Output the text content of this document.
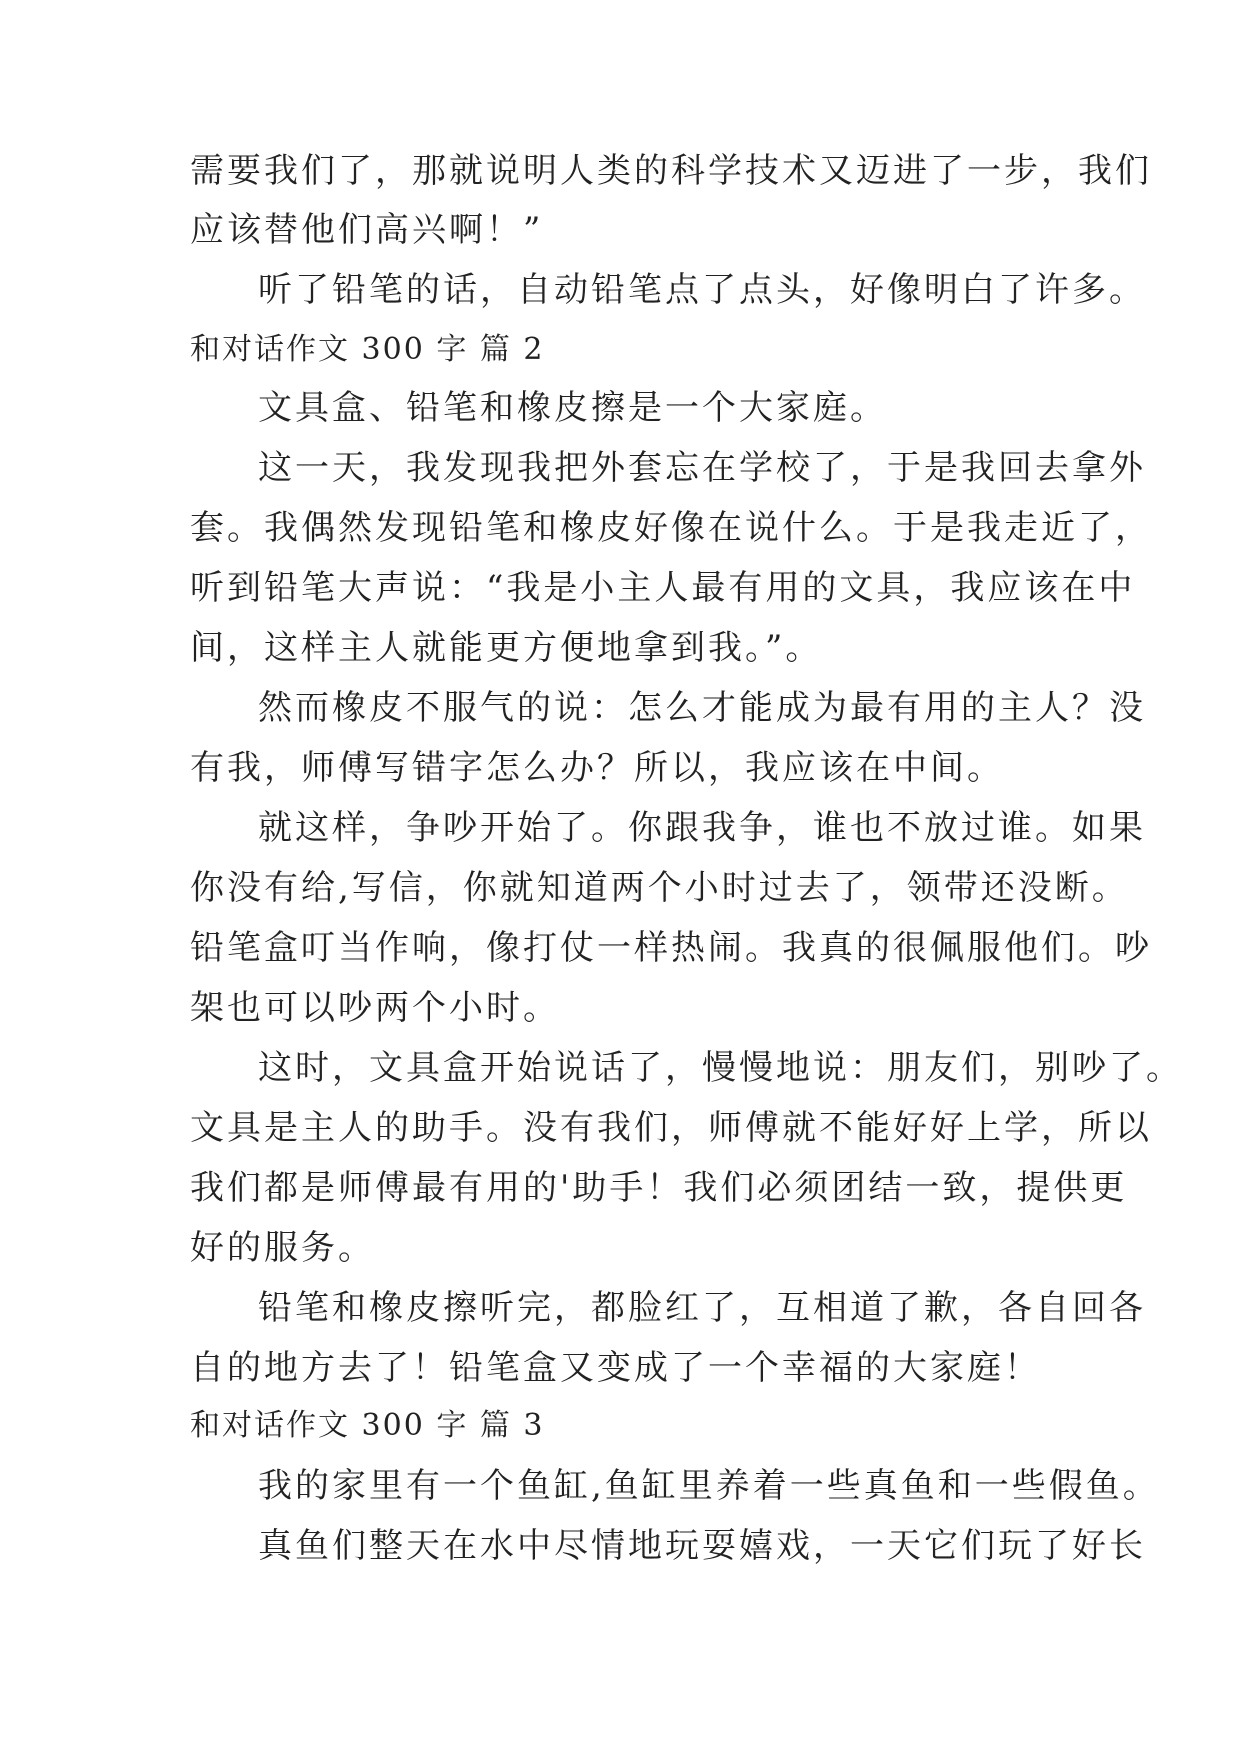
需要我们了，那就说明人类的科学技术又迈进了一步，我们
应该替他们高兴啊！”
听了铅笔的话，自动铅笔点了点头，好像明白了许多。
和对话作文 300 字 篇 2
文具盒、铅笔和橡皮擦是一个大家庭。
这一天，我发现我把外套忘在学校了，于是我回去拿外
套。我偶然发现铅笔和橡皮好像在说什么。于是我走近了，
听到铅笔大声说：“我是小主人最有用的文具，我应该在中
间，这样主人就能更方便地拿到我。”。
然而橡皮不服气的说：怎么才能成为最有用的主人？没
有我，师傅写错字怎么办？所以，我应该在中间。
就这样，争吵开始了。你跟我争，谁也不放过谁。如果
你没有给,写信，你就知道两个小时过去了，领带还没断。
铅笔盒叮当作响，像打仗一样热闹。我真的很佩服他们。吵
架也可以吵两个小时。
这时，文具盒开始说话了，慢慢地说：朋友们，别吵了。
文具是主人的助手。没有我们，师傅就不能好好上学，所以
我们都是师傅最有用的'助手！我们必须团结一致，提供更
好的服务。
铅笔和橡皮擦听完，都脸红了，互相道了歉，各自回各
自的地方去了！铅笔盒又变成了一个幸福的大家庭！
和对话作文 300 字 篇 3
我的家里有一个鱼缸,鱼缸里养着一些真鱼和一些假鱼。
真鱼们整天在水中尽情地玩耍嬉戏，一天它们玩了好长
